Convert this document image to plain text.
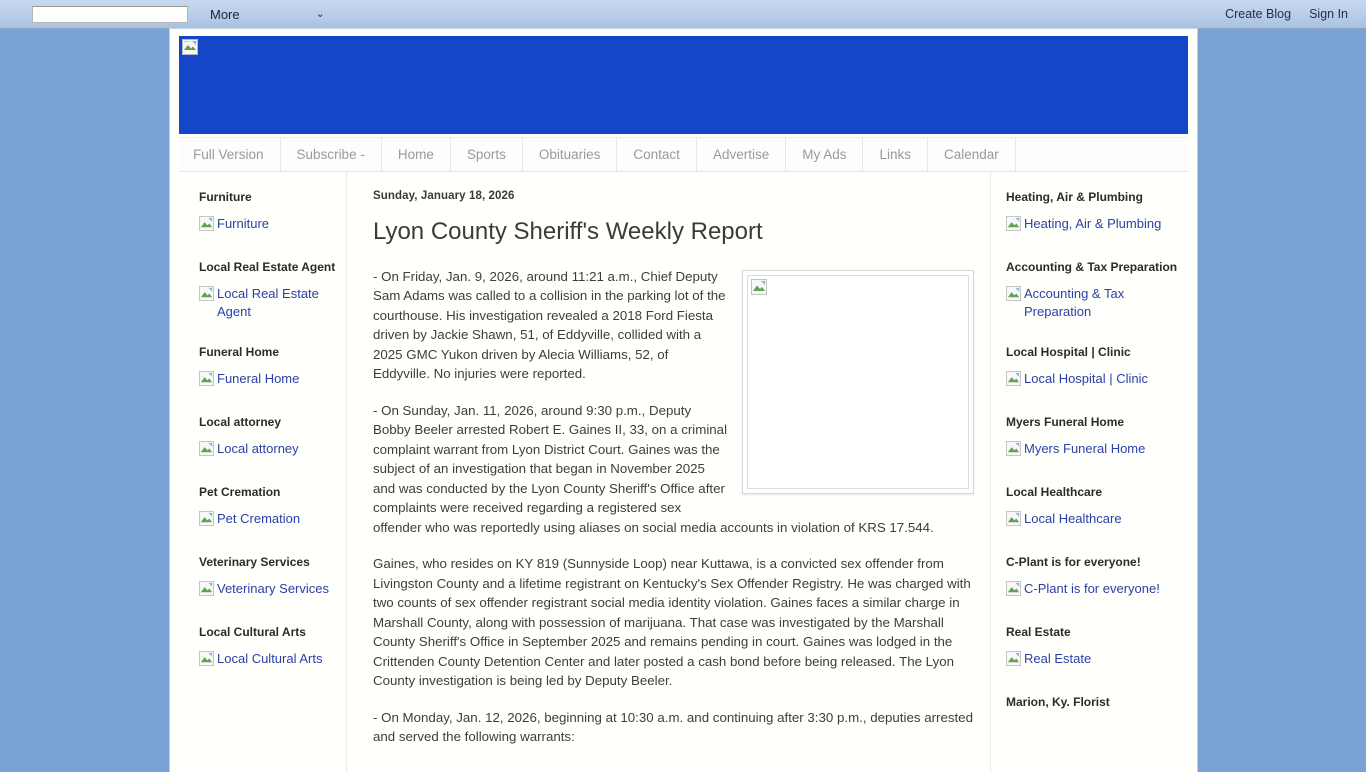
More	⌄	Create Blog Sign In
Full Version	Subscribe -	Home	Sports	Obituaries	Contact	Advertise	My Ads	Links	Calendar
Furniture
Furniture
Local Real Estate Agent
Local Real Estate Agent
Funeral Home
Funeral Home
Local attorney
Local attorney
Pet Cremation
Pet Cremation
Veterinary Services
Veterinary Services
Local Cultural Arts
Local Cultural Arts
Sunday, January 18, 2026
Lyon County Sheriff's Weekly Report

- On Friday, Jan. 9, 2026, around 11:21 a.m., Chief Deputy Sam Adams was called to a collision in the parking lot of the courthouse. His investigation revealed a 2018 Ford Fiesta driven by Jackie Shawn, 51, of Eddyville, collided with a 2025 GMC Yukon driven by Alecia Williams, 52, of Eddyville. No injuries were reported.

- On Sunday, Jan. 11, 2026, around 9:30 p.m., Deputy Bobby Beeler arrested Robert E. Gaines II, 33, on a criminal complaint warrant from Lyon District Court. Gaines was the subject of an investigation that began in November 2025 and was conducted by the Lyon County Sheriff's Office after complaints were received regarding a registered sex offender who was reportedly using aliases on social media accounts in violation of KRS 17.544.

Gaines, who resides on KY 819 (Sunnyside Loop) near Kuttawa, is a convicted sex offender from Livingston County and a lifetime registrant on Kentucky's Sex Offender Registry. He was charged with two counts of sex offender registrant social media identity violation. Gaines faces a similar charge in Marshall County, along with possession of marijuana. That case was investigated by the Marshall County Sheriff's Office in September 2025 and remains pending in court. Gaines was lodged in the Crittenden County Detention Center and later posted a cash bond before being released. The Lyon County investigation is being led by Deputy Beeler.

- On Monday, Jan. 12, 2026, beginning at 10:30 a.m. and continuing after 3:30 p.m., deputies arrested and served the following warrants:

Heating, Air & Plumbing
Heating, Air & Plumbing
Accounting & Tax Preparation
Accounting & Tax Preparation
Local Hospital | Clinic
Local Hospital | Clinic
Myers Funeral Home
Myers Funeral Home
Local Healthcare
Local Healthcare
C-Plant is for everyone!
C-Plant is for everyone!
Real Estate
Real Estate
Marion, Ky. Florist
